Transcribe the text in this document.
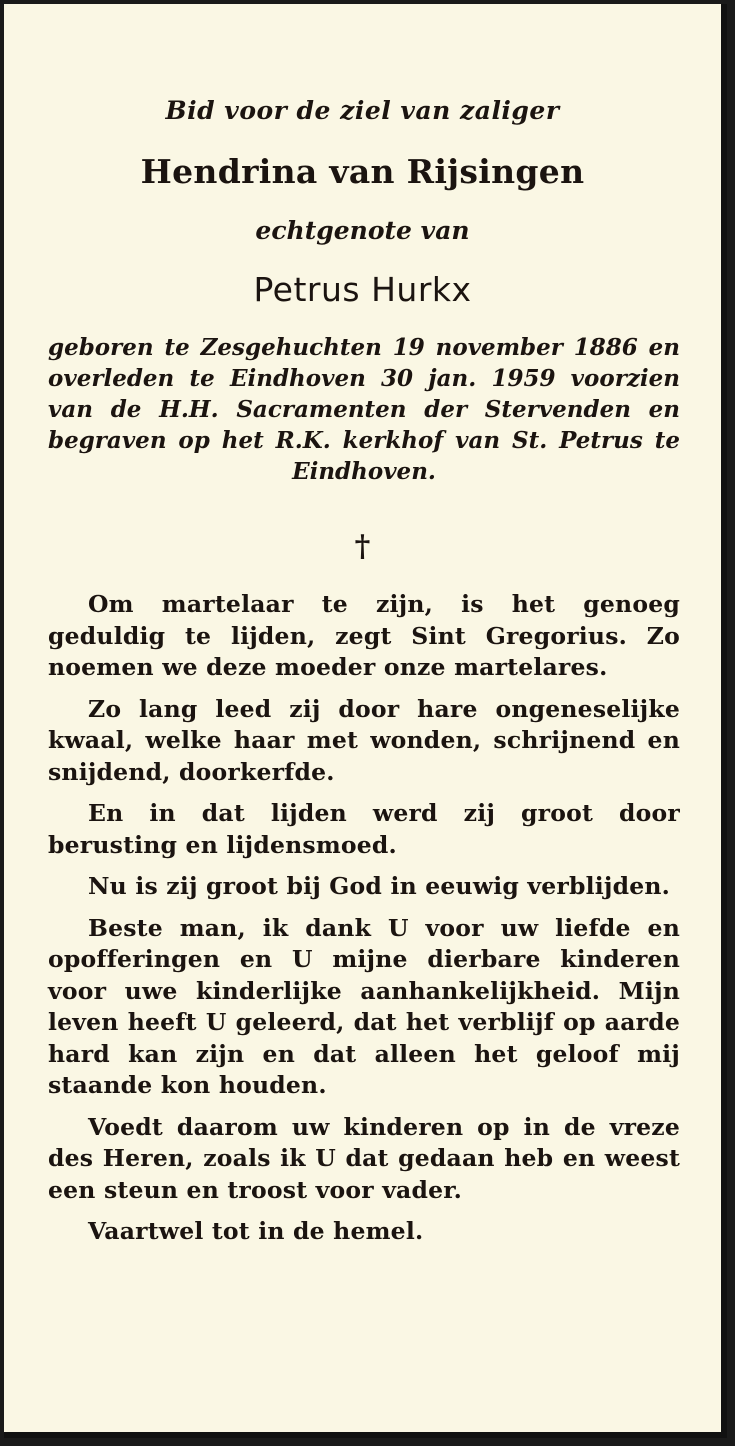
Bid voor de ziel van zaliger
Hendrina van Rijsingen
echtgenote van
Petrus Hurkx
geboren te Zesgehuchten 19 november 1886 en overleden te Eindhoven 30 jan. 1959 voorzien van de H.H. Sacramenten der Stervenden en begraven op het R.K. kerkhof van St. Petrus te Eindhoven.
†

Om martelaar te zijn, is het genoeg geduldig te lijden, zegt Sint Gregorius. Zo noemen we deze moeder onze martelares.

Zo lang leed zij door hare ongeneselijke kwaal, welke haar met wonden, schrijnend en snijdend, doorkerfde.

En in dat lijden werd zij groot door berusting en lijdensmoed.

Nu is zij groot bij God in eeuwig verblijden.

Beste man, ik dank U voor uw liefde en opofferingen en U mijne dierbare kinderen voor uwe kinderlijke aanhankelijkheid. Mijn leven heeft U geleerd, dat het verblijf op aarde hard kan zijn en dat alleen het geloof mij staande kon houden.

Voedt daarom uw kinderen op in de vreze des Heren, zoals ik U dat gedaan heb en weest een steun en troost voor vader.

Vaartwel tot in de hemel.
